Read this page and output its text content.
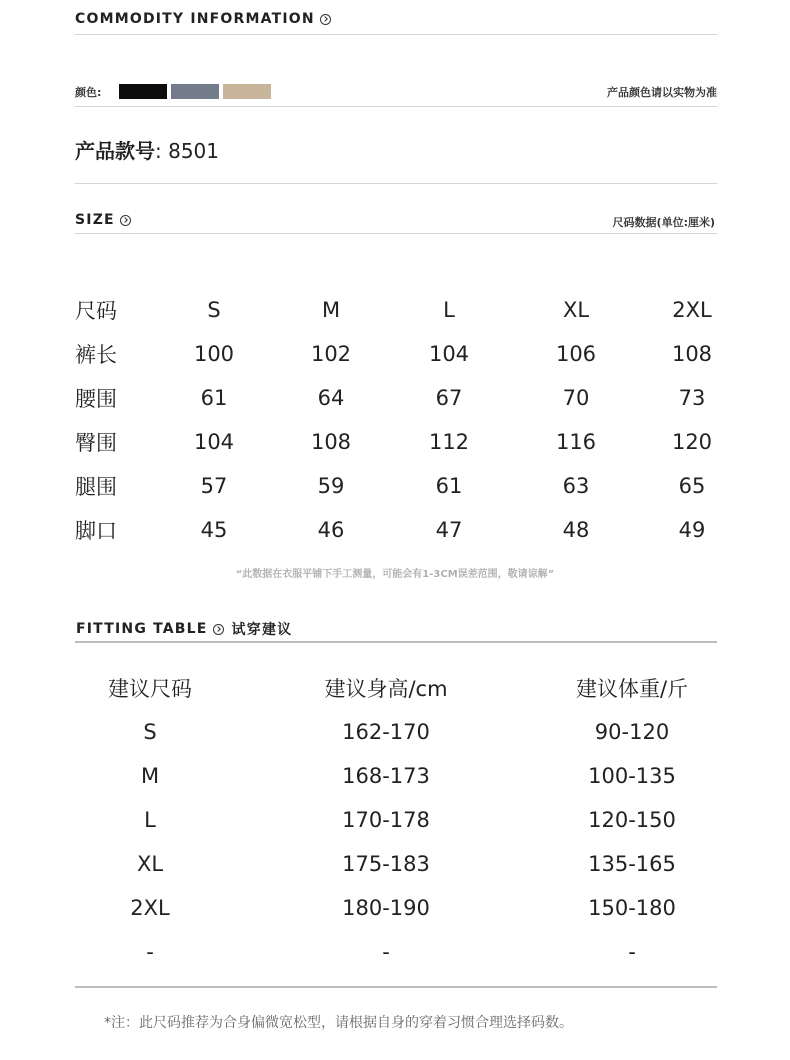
COMMODITY INFORMATION
颜色:	产品颜色请以实物为准
产品款号: 8501
SIZE	尺码数据(单位:厘米)
尺码	S	M	L	XL	2XL
裤长	100	102	104	106	108
腰围	61	64	67	70	73
臀围	104	108	112	116	120
腿围	57	59	61	63	65
脚口	45	46	47	48	49
“此数据在衣服平铺下手工测量，可能会有1-3CM误差范围，敬请谅解”
FITTING TABLE 试穿建议
建议尺码	建议身高/cm	建议体重/斤
S	162-170	90-120
M	168-173	100-135
L	170-178	120-150
XL	175-183	135-165
2XL	180-190	150-180
-	-	-
*注：此尺码推荐为合身偏微宽松型，请根据自身的穿着习惯合理选择码数。
